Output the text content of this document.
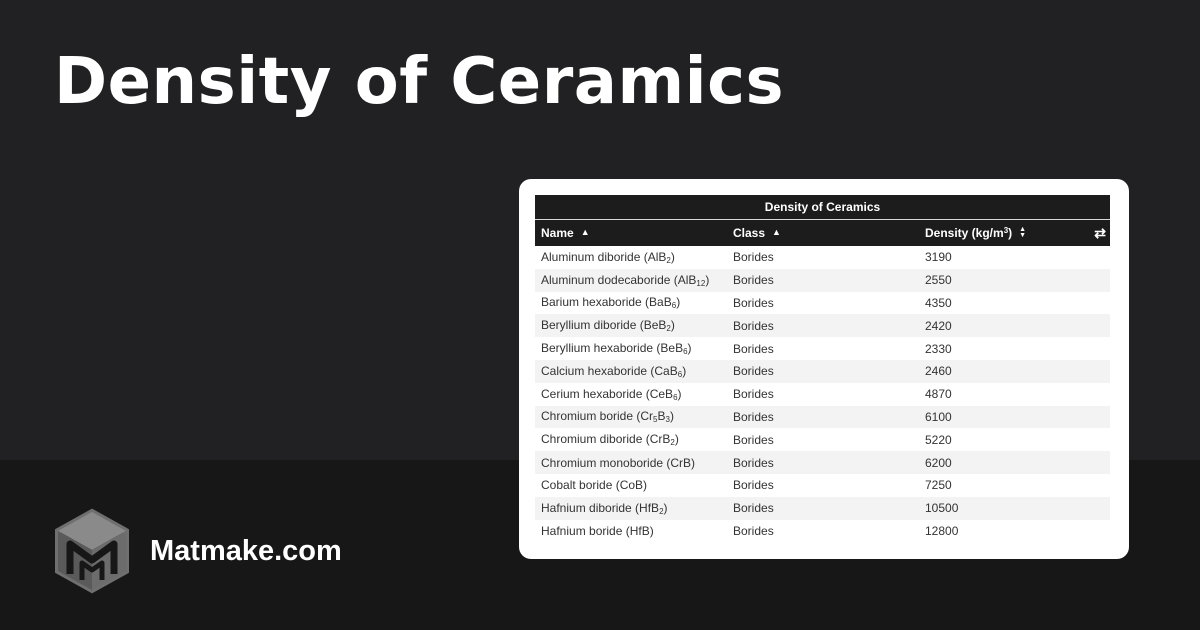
Density of Ceramics
Matmake.com
Density of Ceramics
Name ▲	Class ▲	Density $(kg/m^3)$ ▲
▼ ⇄

Aluminum diboride (AlB$_2$)	Borides	3190
Aluminum dodecaboride (AlB$_{12}$)	Borides	2550
Barium hexaboride (BaB$_6$)	Borides	4350
Beryllium diboride (BeB$_2$)	Borides	2420
Beryllium hexaboride (BeB$_6$)	Borides	2330
Calcium hexaboride (CaB$_6$)	Borides	2460
Cerium hexaboride (CeB$_6$)	Borides	4870
Chromium boride $(Cr_5B_3)$	Borides	6100
Chromium diboride (CrB$_2$)	Borides	5220
Chromium monoboride (CrB)	Borides	6200
Cobalt boride (CoB)	Borides	7250
Hafnium diboride (HfB$_2$)	Borides	10500
Hafnium boride (HfB)	Borides	12800
